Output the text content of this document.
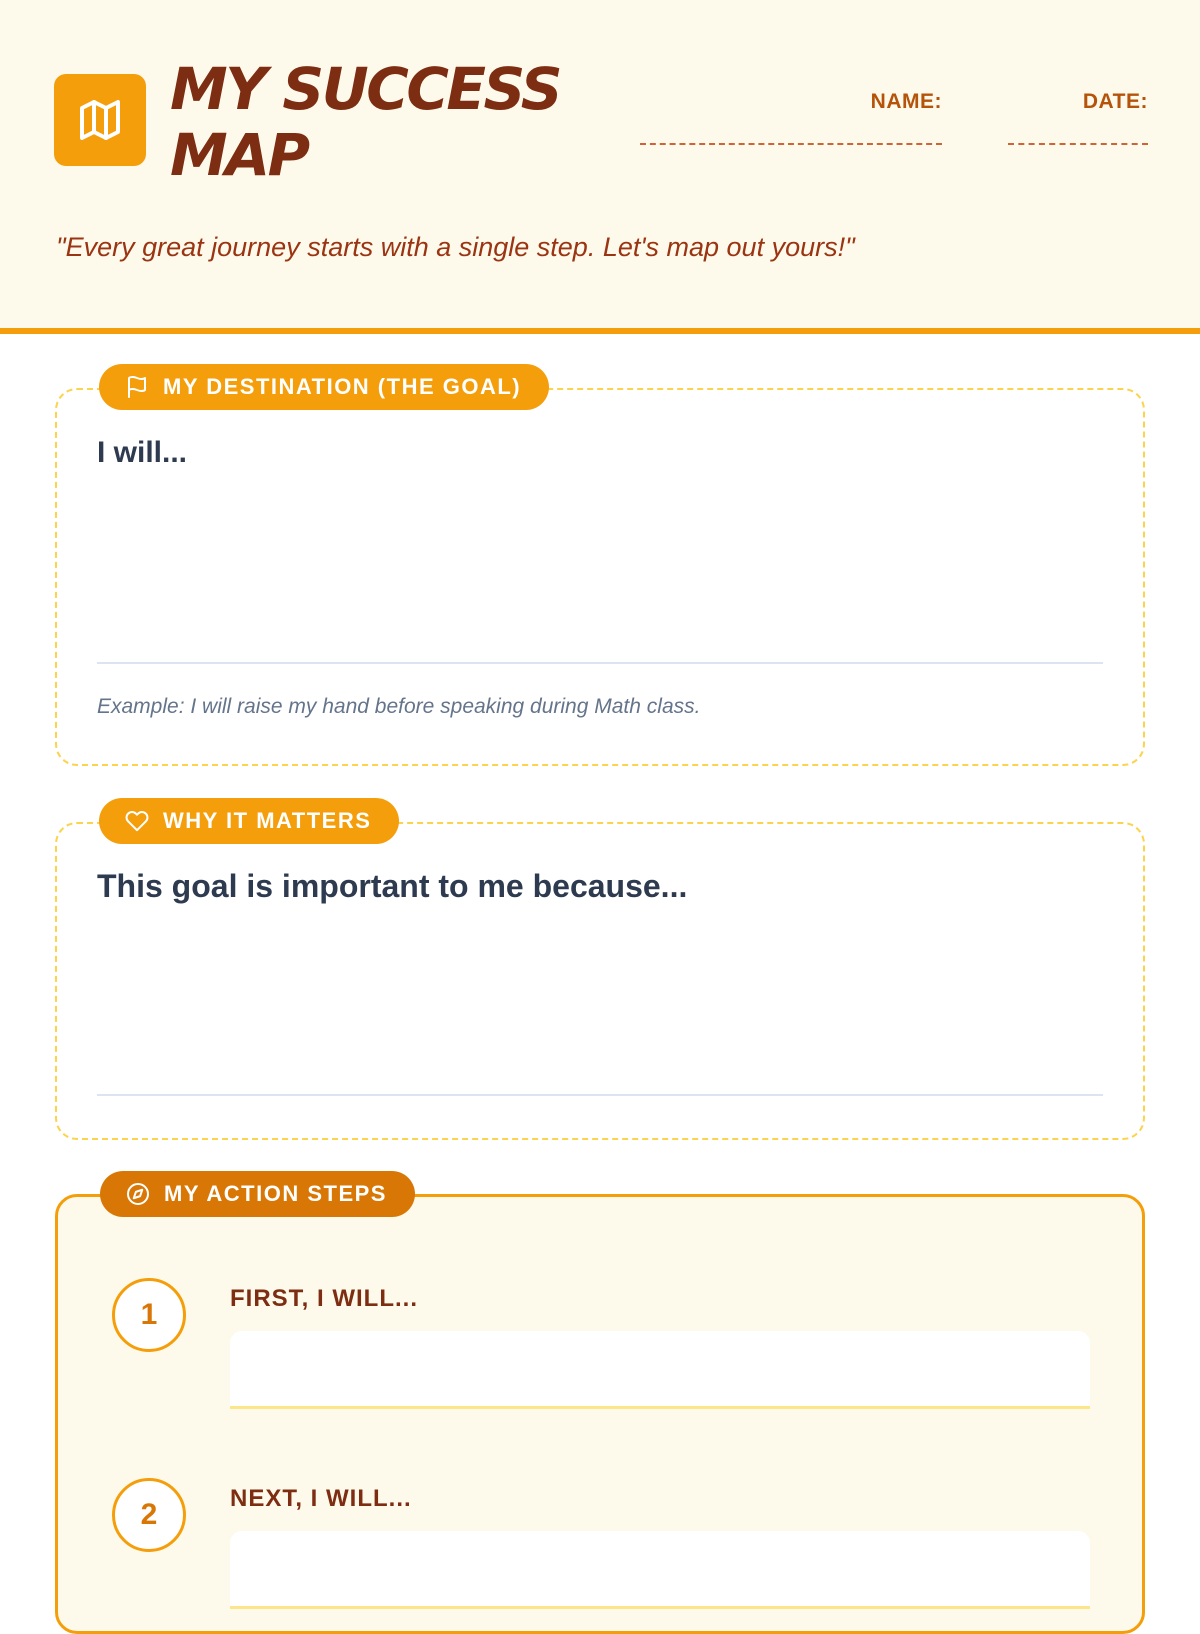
MY SUCCESS
MAP
NAME:	DATE:

"Every great journey starts with a single step. Let's map out yours!"

MY DESTINATION (THE GOAL)

I will...

Example: I will raise my hand before speaking during Math class.

WHY IT MATTERS

This goal is important to me because...

MY ACTION STEPS
1	FIRST, I WILL...

2	NEXT, I WILL...
